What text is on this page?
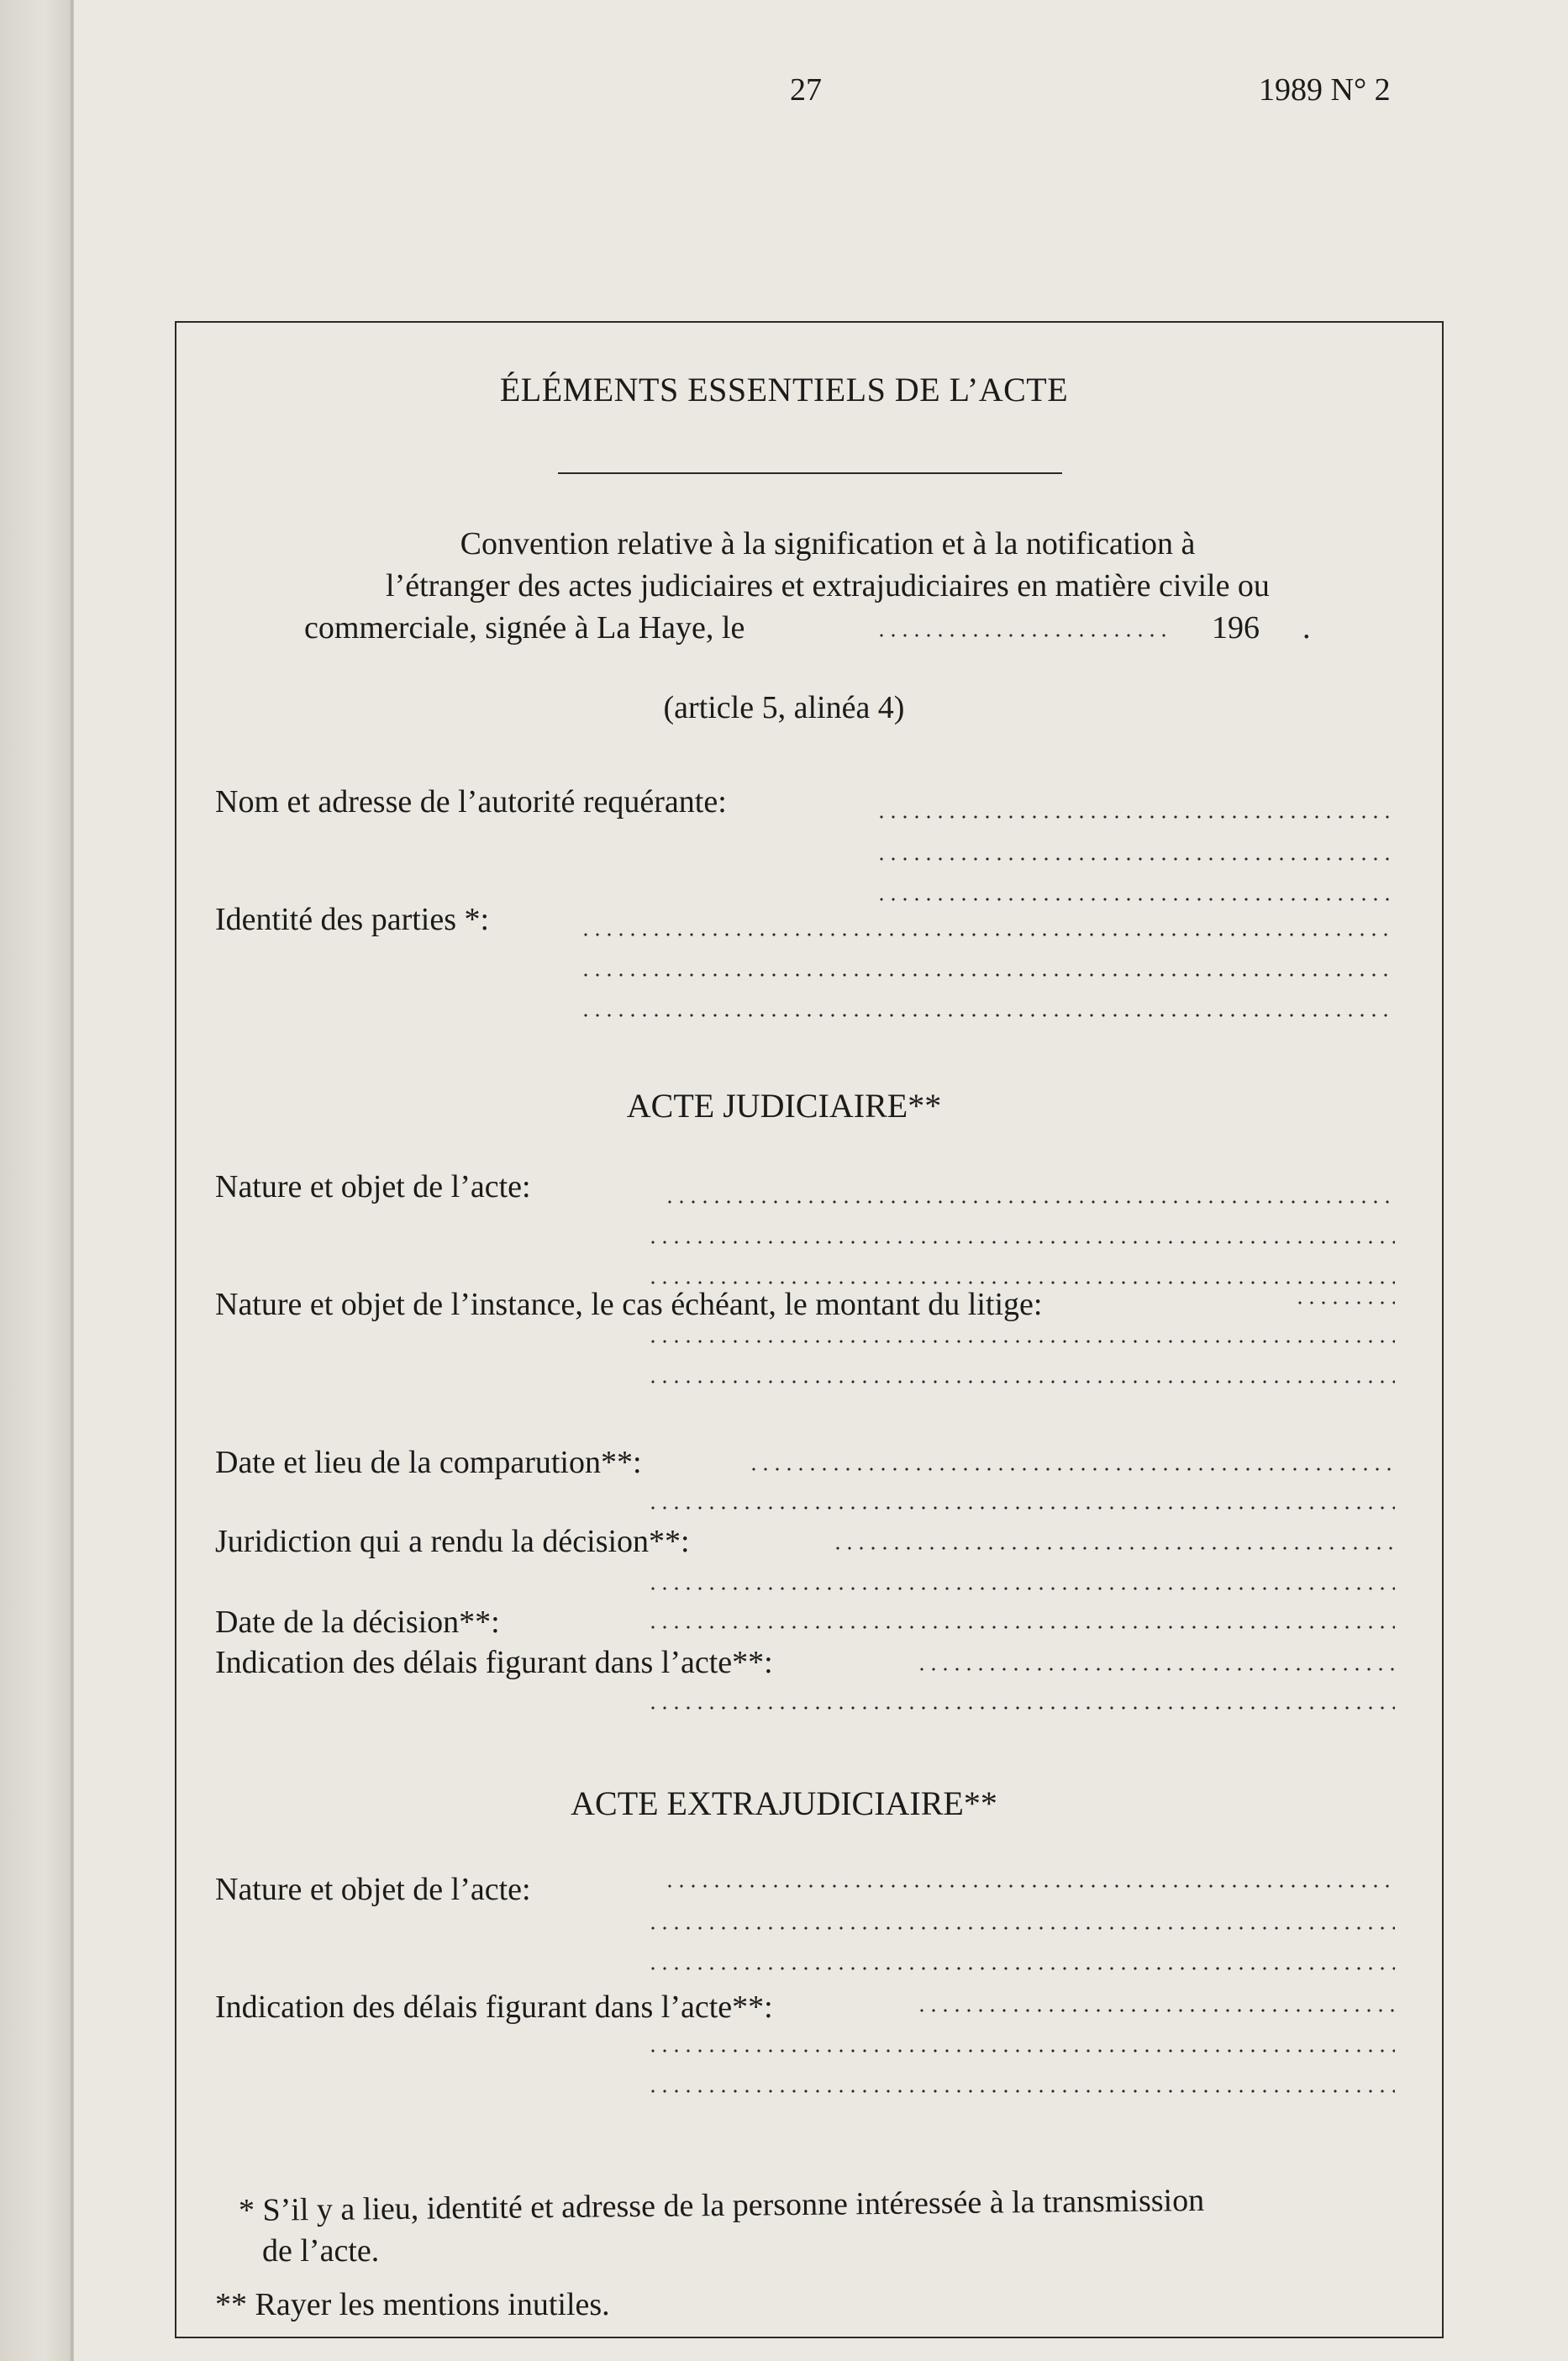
27	1989 N° 2
ÉLÉMENTS ESSENTIELS DE L’ACTE
Convention relative à la signification et à la notification à
l’étranger des actes judiciaires et extrajudiciaires en matière civile ou
commerciale, signée à La Haye, le	196 .
(article 5, alinéa 4)
Nom et adresse de l’autorité requérante:
Identité des parties *:
ACTE JUDICIAIRE**
Nature et objet de l’acte:
Nature et objet de l’instance, le cas échéant, le montant du litige:
Date et lieu de la comparution**:
Juridiction qui a rendu la décision**:
Date de la décision**:
Indication des délais figurant dans l’acte**:
ACTE EXTRAJUDICIAIRE**
Nature et objet de l’acte:
Indication des délais figurant dans l’acte**:
* S’il y a lieu, identité et adresse de la personne intéressée à la transmission
de l’acte.
** Rayer les mentions inutiles.
